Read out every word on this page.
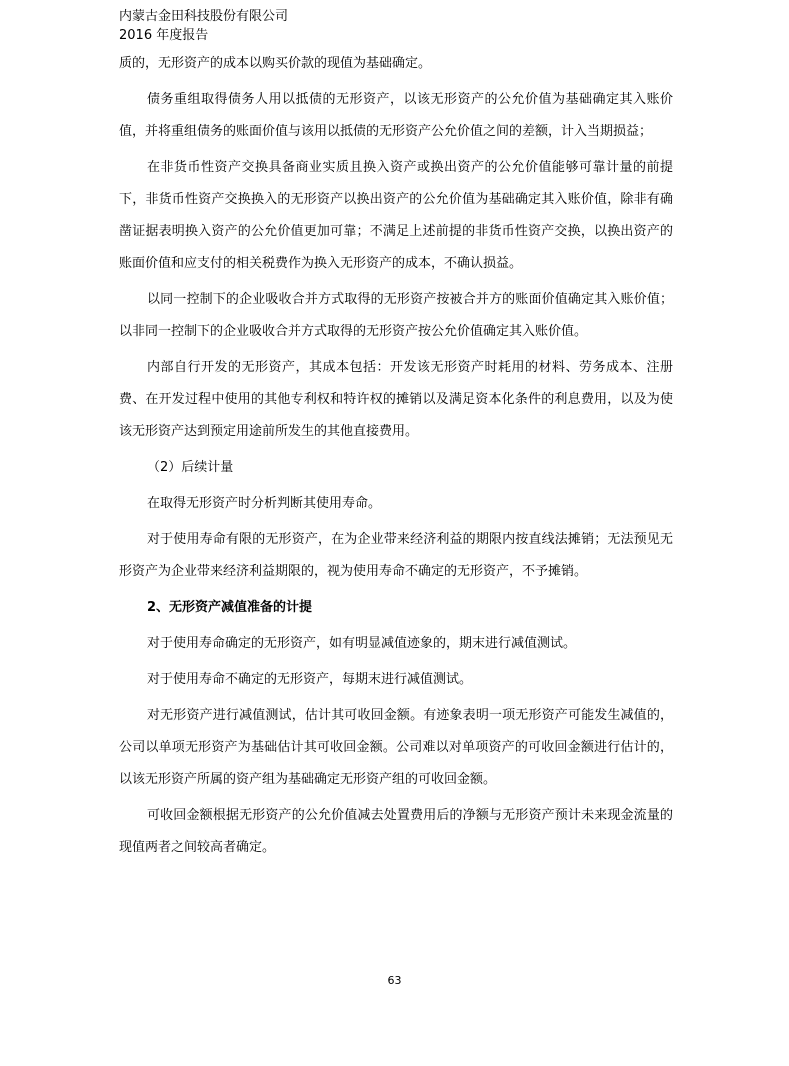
内蒙古金田科技股份有限公司
2016 年度报告

质的，无形资产的成本以购买价款的现值为基础确定。

债务重组取得债务人用以抵债的无形资产，以该无形资产的公允价值为基础确定其入账价值，并将重组债务的账面价值与该用以抵债的无形资产公允价值之间的差额，计入当期损益；

在非货币性资产交换具备商业实质且换入资产或换出资产的公允价值能够可靠计量的前提下，非货币性资产交换换入的无形资产以换出资产的公允价值为基础确定其入账价值，除非有确凿证据表明换入资产的公允价值更加可靠；不满足上述前提的非货币性资产交换，以换出资产的账面价值和应支付的相关税费作为换入无形资产的成本，不确认损益。

以同一控制下的企业吸收合并方式取得的无形资产按被合并方的账面价值确定其入账价值；以非同一控制下的企业吸收合并方式取得的无形资产按公允价值确定其入账价值。

内部自行开发的无形资产，其成本包括：开发该无形资产时耗用的材料、劳务成本、注册费、在开发过程中使用的其他专利权和特许权的摊销以及满足资本化条件的利息费用，以及为使该无形资产达到预定用途前所发生的其他直接费用。

（2）后续计量

在取得无形资产时分析判断其使用寿命。

对于使用寿命有限的无形资产，在为企业带来经济利益的期限内按直线法摊销；无法预见无形资产为企业带来经济利益期限的，视为使用寿命不确定的无形资产，不予摊销。

2、无形资产减值准备的计提

对于使用寿命确定的无形资产，如有明显减值迹象的，期末进行减值测试。

对于使用寿命不确定的无形资产，每期末进行减值测试。

对无形资产进行减值测试，估计其可收回金额。有迹象表明一项无形资产可能发生减值的，公司以单项无形资产为基础估计其可收回金额。公司难以对单项资产的可收回金额进行估计的，以该无形资产所属的资产组为基础确定无形资产组的可收回金额。

可收回金额根据无形资产的公允价值减去处置费用后的净额与无形资产预计未来现金流量的现值两者之间较高者确定。

63
